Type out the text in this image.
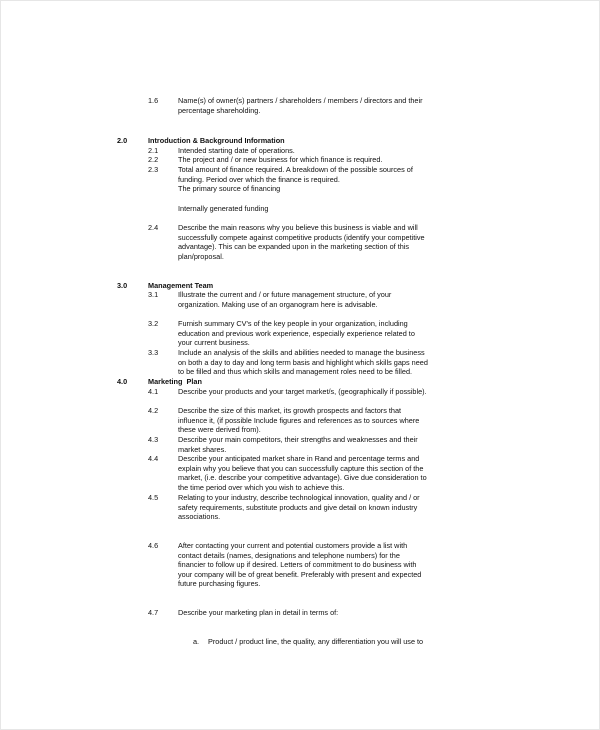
1.6	Name(s) of owner(s) partners / shareholders / members / directors and their
percentage shareholding.
2.0	Introduction & Background Information
2.1	Intended starting date of operations.
2.2	The project and / or new business for which finance is required.
2.3	Total amount of finance required. A breakdown of the possible sources of
funding. Period over which the finance is required.
The primary source of financing
Internally generated funding
2.4	Describe the main reasons why you believe this business is viable and will
successfully compete against competitive products (identify your competitive
advantage). This can be expanded upon in the marketing section of this
plan/proposal.
3.0	Management Team
3.1	Illustrate the current and / or future management structure, of your
organization. Making use of an organogram here is advisable.
3.2	Furnish summary CV's of the key people in your organization, including
education and previous work experience, especially experience related to
your current business.
3.3	Include an analysis of the skills and abilities needed to manage the business
on both a day to day and long term basis and highlight which skills gaps need
to be filled and thus which skills and management roles need to be filled.
4.0	Marketing  Plan
4.1	Describe your products and your target market/s, (geographically if possible).
4.2	Describe the size of this market, its growth prospects and factors that
influence it, (if possible Include figures and references as to sources where
these were derived from).
4.3	Describe your main competitors, their strengths and weaknesses and their
market shares.
4.4	Describe your anticipated market share in Rand and percentage terms and
explain why you believe that you can successfully capture this section of the
market, (i.e. describe your competitive advantage). Give due consideration to
the time period over which you wish to achieve this.
4.5	Relating to your industry, describe technological innovation, quality and / or
safety requirements, substitute products and give detail on known industry
associations.
4.6	After contacting your current and potential customers provide a list with
contact details (names, designations and telephone numbers) for the
financier to follow up if desired. Letters of commitment to do business with
your company will be of great benefit. Preferably with present and expected
future purchasing figures.
4.7	Describe your marketing plan in detail in terms of:
a. Product / product line, the quality, any differentiation you will use to
